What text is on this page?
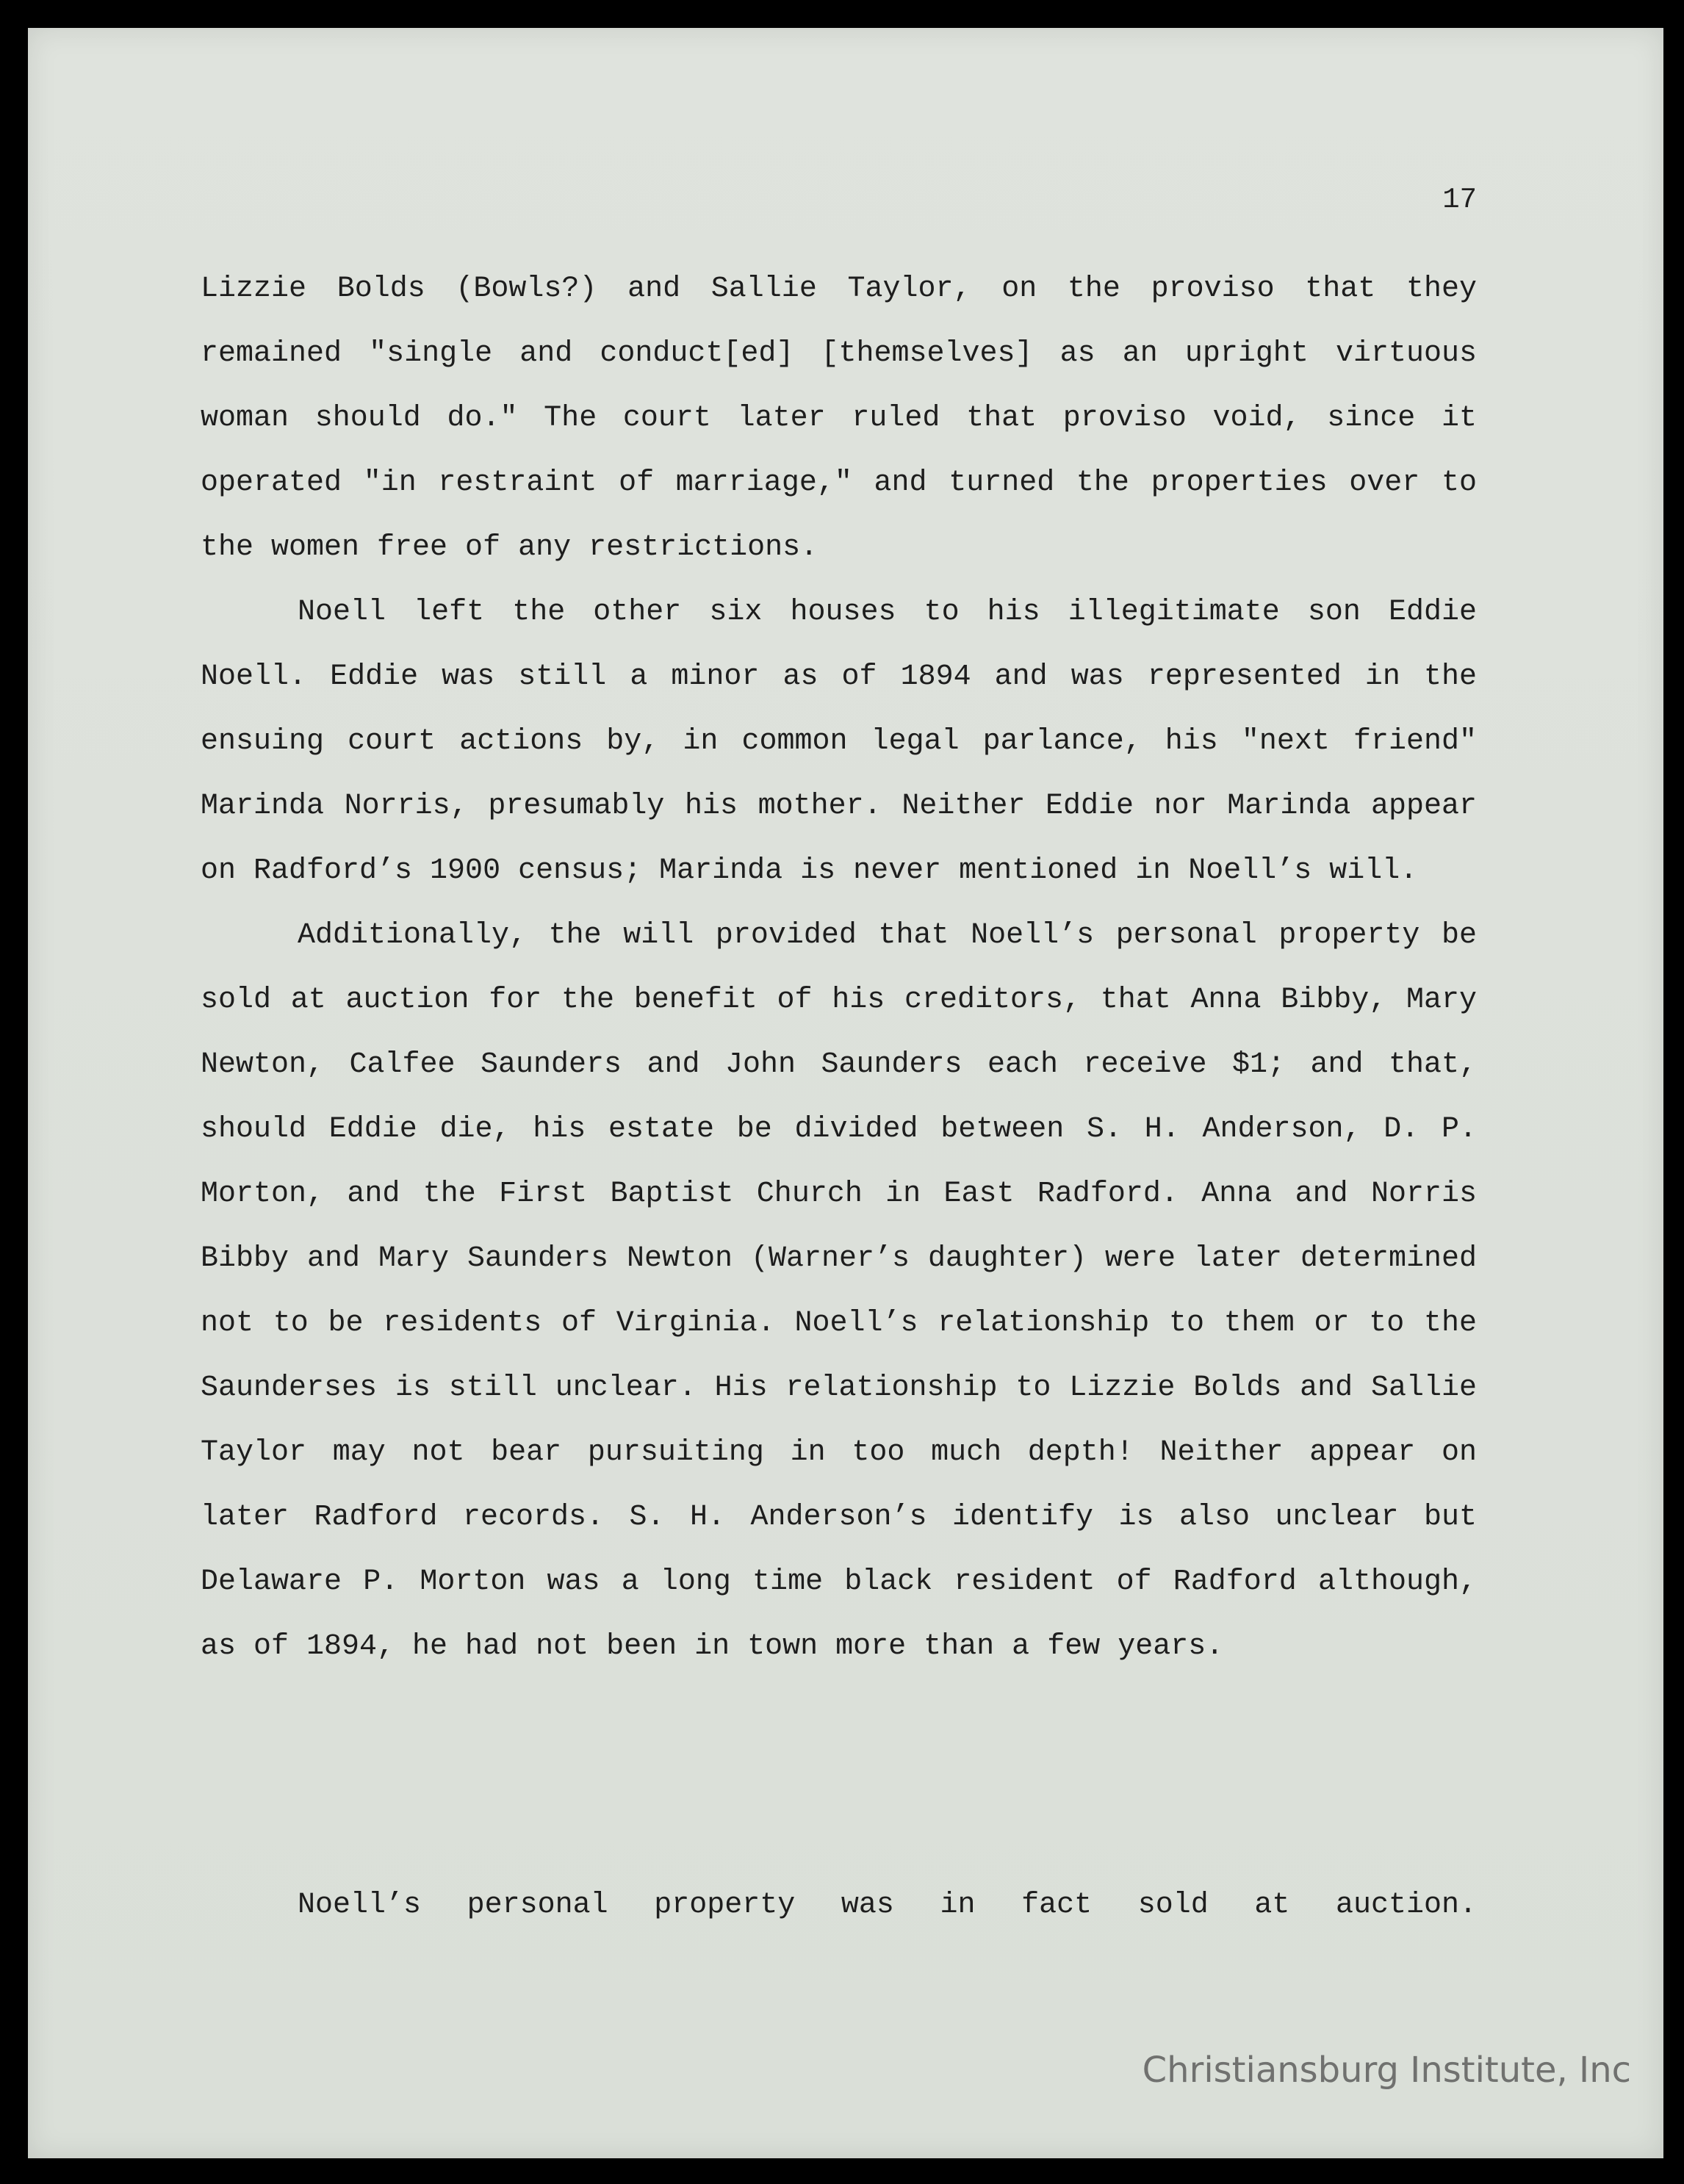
17

Lizzie Bolds (Bowls?) and Sallie Taylor, on the proviso that they remained "single and conduct[ed] [themselves] as an upright virtuous woman should do." The court later ruled that proviso void, since it operated "in restraint of marriage," and turned the properties over to the women free of any restrictions.

Noell left the other six houses to his illegitimate son Eddie Noell. Eddie was still a minor as of 1894 and was represented in the ensuing court actions by, in common legal parlance, his "next friend" Marinda Norris, presumably his mother. Neither Eddie nor Marinda appear on Radford’s 1900 census; Marinda is never mentioned in Noell’s will.

Additionally, the will provided that Noell’s personal property be sold at auction for the benefit of his creditors, that Anna Bibby, Mary Newton, Calfee Saunders and John Saunders each receive $1; and that, should Eddie die, his estate be divided between S. H. Anderson, D. P. Morton, and the First Baptist Church in East Radford. Anna and Norris Bibby and Mary Saunders Newton (Warner’s daughter) were later determined not to be residents of Virginia. Noell’s relationship to them or to the Saunderses is still unclear. His relationship to Lizzie Bolds and Sallie Taylor may not bear pursuiting in too much depth! Neither appear on later Radford records. S. H. Anderson’s identify is also unclear but Delaware P. Morton was a long time black resident of Radford although, as of 1894, he had not been in town more than a few years.

Noell’s personal property was in fact sold at auction.

Christiansburg Institute, Inc
